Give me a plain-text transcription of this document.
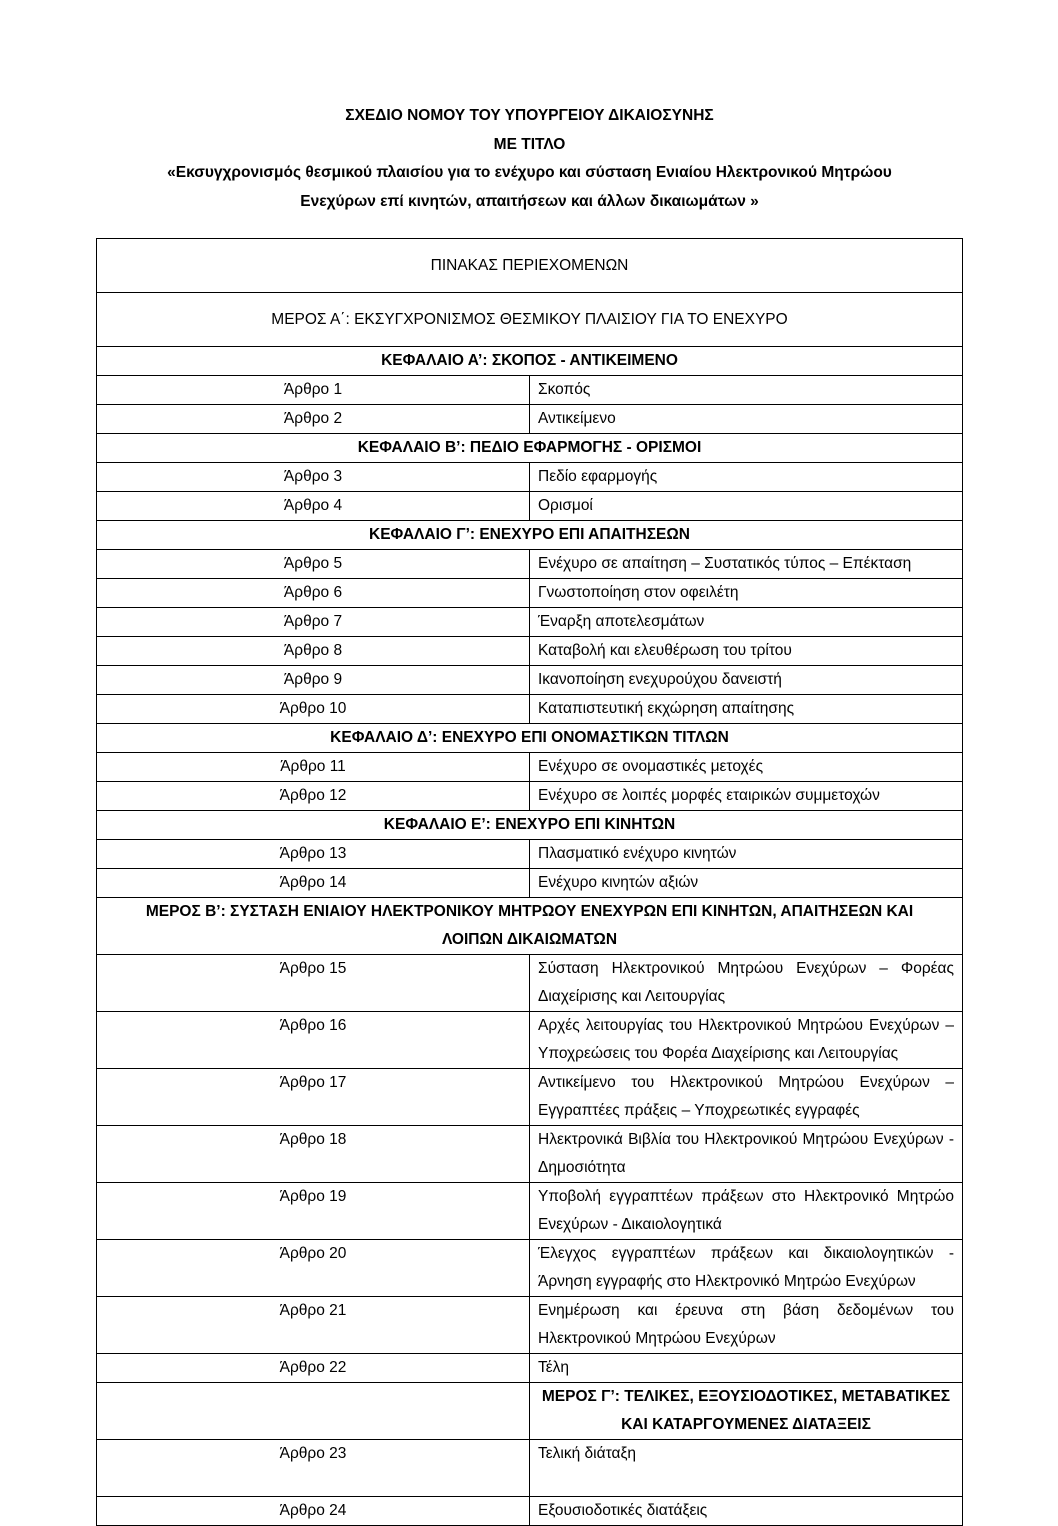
ΣΧΕΔΙΟ ΝΟΜΟΥ ΤΟΥ ΥΠΟΥΡΓΕΙΟΥ ΔΙΚΑΙΟΣΥΝΗΣ
ΜΕ ΤΙΤΛΟ
«Εκσυγχρονισμός θεσμικού πλαισίου για το ενέχυρο και σύσταση Ενιαίου Ηλεκτρονικού Μητρώου
Ενεχύρων επί κινητών, απαιτήσεων και άλλων δικαιωμάτων »
ΠΙΝΑΚΑΣ ΠΕΡΙΕΧΟΜΕΝΩΝ	
ΜΕΡΟΣ Α΄: ΕΚΣΥΓΧΡΟΝΙΣΜΟΣ ΘΕΣΜΙΚΟΥ ΠΛΑΙΣΙΟΥ ΓΙΑ ΤΟ ΕΝΕΧΥΡΟ	
ΚΕΦΑΛΑΙΟ Α’: ΣΚΟΠΟΣ - ΑΝΤΙΚΕΙΜΕΝΟ	
Άρθρο 1	Σκοπός
Άρθρο 2	Αντικείμενο
ΚΕΦΑΛΑΙΟ Β’: ΠΕΔΙΟ ΕΦΑΡΜΟΓΗΣ - ΟΡΙΣΜΟΙ	
Άρθρο 3	Πεδίο εφαρμογής
Άρθρο 4	Ορισμοί
ΚΕΦΑΛΑΙΟ Γ’: ΕΝΕΧΥΡΟ ΕΠΙ ΑΠΑΙΤΗΣΕΩΝ	
Άρθρο 5	Ενέχυρο σε απαίτηση – Συστατικός τύπος – Επέκταση
Άρθρο 6	Γνωστοποίηση στον οφειλέτη
Άρθρο 7	Έναρξη αποτελεσμάτων
Άρθρο 8	Καταβολή και ελευθέρωση του τρίτου
Άρθρο 9	Ικανοποίηση ενεχυρούχου δανειστή
Άρθρο 10	Καταπιστευτική εκχώρηση απαίτησης
ΚΕΦΑΛΑΙΟ Δ’: ΕΝΕΧΥΡΟ ΕΠΙ ΟΝΟΜΑΣΤΙΚΩΝ ΤΙΤΛΩΝ	
Άρθρο 11	Ενέχυρο σε ονομαστικές μετοχές
Άρθρο 12	Ενέχυρο σε λοιπές μορφές εταιρικών συμμετοχών
ΚΕΦΑΛΑΙΟ Ε’: ΕΝΕΧΥΡΟ ΕΠΙ ΚΙΝΗΤΩΝ	
Άρθρο 13	Πλασματικό ενέχυρο κινητών
Άρθρο 14	Ενέχυρο κινητών αξιών
ΜΕΡΟΣ Β’: ΣΥΣΤΑΣΗ ΕΝΙΑΙΟΥ ΗΛΕΚΤΡΟΝΙΚΟΥ ΜΗΤΡΩΟΥ ΕΝΕΧΥΡΩΝ ΕΠΙ ΚΙΝΗΤΩΝ, ΑΠΑΙΤΗΣΕΩΝ ΚΑΙ ΛΟΙΠΩΝ ΔΙΚΑΙΩΜΑΤΩΝ	
Άρθρο 15	Σύσταση Ηλεκτρονικού Μητρώου Ενεχύρων – Φορέας Διαχείρισης και Λειτουργίας
Άρθρο 16	Αρχές λειτουργίας του Ηλεκτρονικού Μητρώου Ενεχύρων – Υποχρεώσεις του Φορέα Διαχείρισης και Λειτουργίας
Άρθρο 17	Αντικείμενο του Ηλεκτρονικού Μητρώου Ενεχύρων – Εγγραπτέες πράξεις – Υποχρεωτικές εγγραφές
Άρθρο 18	Ηλεκτρονικά Βιβλία του Ηλεκτρονικού Μητρώου Ενεχύρων - Δημοσιότητα
Άρθρο 19	Υποβολή εγγραπτέων πράξεων στο Ηλεκτρονικό Μητρώο Ενεχύρων - Δικαιολογητικά
Άρθρο 20	Έλεγχος εγγραπτέων πράξεων και δικαιολογητικών - Άρνηση εγγραφής στο Ηλεκτρονικό Μητρώο Ενεχύρων
Άρθρο 21	Ενημέρωση και έρευνα στη βάση δεδομένων του Ηλεκτρονικού Μητρώου Ενεχύρων
Άρθρο 22	Τέλη
	ΜΕΡΟΣ Γ’: ΤΕΛΙΚΕΣ, ΕΞΟΥΣΙΟΔΟΤΙΚΕΣ, ΜΕΤΑΒΑΤΙΚΕΣ ΚΑΙ ΚΑΤΑΡΓΟΥΜΕΝΕΣ ΔΙΑΤΑΞΕΙΣ
Άρθρο 23	Τελική διάταξη
Άρθρο 24	Εξουσιοδοτικές διατάξεις
